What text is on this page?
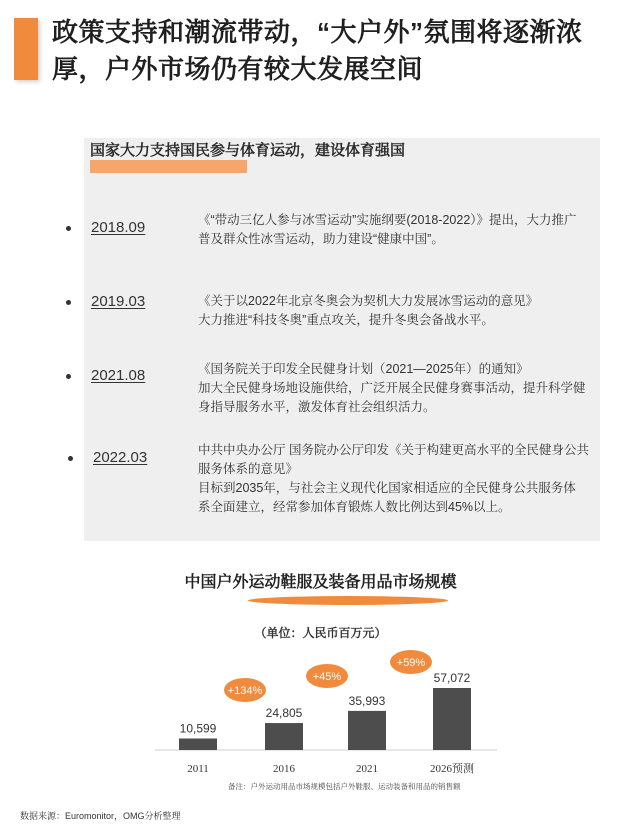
政策支持和潮流带动，“大户外”氛围将逐渐浓厚，户外市场仍有较大发展空间
国家大力支持国民参与体育运动，建设体育强国
2018.09	《“带动三亿人参与冰雪运动”实施纲要(2018-2022）》提出，大力推广
普及群众性冰雪运动，助力建设“健康中国”。
2019.03	《关于以2022年北京冬奥会为契机大力发展冰雪运动的意见》
大力推进“科技冬奥”重点攻关，提升冬奥会备战水平。
2021.08	《国务院关于印发全民健身计划（2021—2025年）的通知》
加大全民健身场地设施供给，广泛开展全民健身赛事活动，提升科学健
身指导服务水平，激发体育社会组织活力。
2022.03	中共中央办公厅 国务院办公厅印发《关于构建更高水平的全民健身公共
服务体系的意见》
目标到2035年，与社会主义现代化国家相适应的全民健身公共服务体
系全面建立，经常参加体育锻炼人数比例达到45%以上。
中国户外运动鞋服及装备用品市场规模
（单位：人民币百万元）
10,599
2011
24,805
2016
35,993
2021
57,072
2026预测
+134%
+45%
+59%
备注：户外运动用品市场规模包括户外鞋服、运动装备和用品的销售额
数据来源：Euromonitor，OMG分析整理
